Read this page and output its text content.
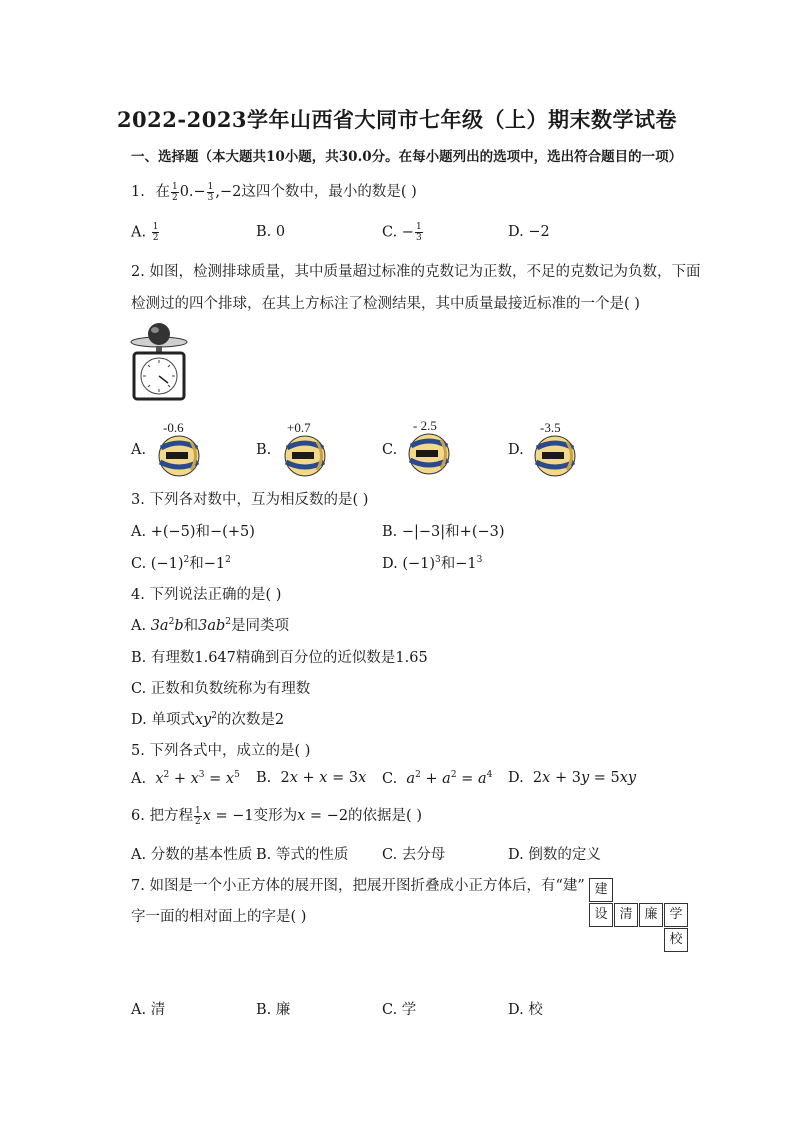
2022-2023学年山西省大同市七年级（上）期末数学试卷
一、选择题（本大题共10小题，共30.0分。在每小题列出的选项中，选出符合题目的一项）
1. 在 $\frac{1}{2} 0.- \frac{1}{3} ,-2$这四个数中，最小的数是( )
A. $\frac{1}{2}$	B. 0	C. − $\frac{1}{3}$	D. −2
2. 如图，检测排球质量，其中质量超过标准的克数记为正数，不足的克数记为负数，下面
检测过的四个排球，在其上方标注了检测结果，其中质量最接近标准的一个是( )
A.
-0.6
B.
+0.7
C.
- 2.5
D.
-3.5
3. 下列各对数中，互为相反数的是( )
A. +(−5)和−(+5)	B. −|−3|和+(−3)
C. $(-1)^2$和$-1^2$	D. $(-1)^3$和$-1^3$
4. 下列说法正确的是( )
A. $3a^2b$和$3ab^2$是同类项
B. 有理数1.647精确到百分位的近似数是1.65
C. 正数和负数统称为有理数
D. 单项式$xy^2$的次数是2
5. 下列各式中，成立的是( )
A. $x^2 + x^3 = x^5$ B.  2x + x = 3x C. $a^2 + a^2 = a^4$ D.  2x + 3y = 5xy
6. 把方程 $\frac{1}{2}$ x = −1变形为x = −2的依据是( )
A. 分数的基本性质 B. 等式的性质 C. 去分母	D. 倒数的定义
7. 如图是一个小正方体的展开图，把展开图折叠成小正方体后，有“建”
字一面的相对面上的字是( )
建
设 清 廉 学
校
A. 清	B. 廉	C. 学	D. 校
